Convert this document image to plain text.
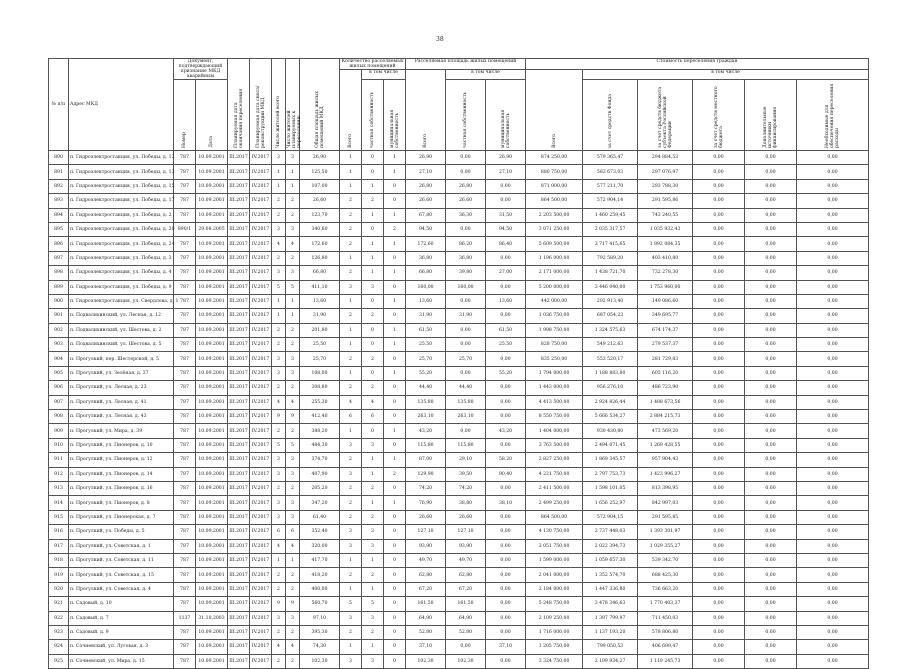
38
№ п/п	Адрес МКД	Документ, подтверждающий признание МКД аварийным		Планируемая дата окончания переселения	Планируемая дата сноса/ реконструкции МКД	Число жителей всего	Число жителей планируемых к переселению	Общая площадь жилых помещений МКД	Количество расселяемых жилых помещений			Расселяемая площадь жилых помещений			Стоимость переселения граждан					
									Всего	в том числе		Всего	в том числе		Всего	в том числе				
		Номер	Дата							частная собственность	муниципальная собственность		частная собственность	муниципальная собственность		за счет средств Фонда	за счет средств бюджета субъекта Российской Федерации	за счет средств местного бюджета	Дополнительные источники финансирования	Необходимые для обеспечения переселения расходы
890	п. Гидроэлектростанция, ул. Победы, д. 12	787	10.09.2001	III.2017	IV.2017	3	3	26,90	1	0	1	26,90	0,00	26,90	874 250,00	579 365,47	294 884,53	0,00	0,00	0,00
891	п. Гидроэлектростанция, ул. Победы, д. 13	787	10.09.2001	III.2017	IV.2017	1	1	125,50	1	0	1	27,10	0,00	27,10	880 750,00	583 673,03	297 076,97	0,00	0,00	0,00
892	п. Гидроэлектростанция, ул. Победы, д. 15	787	10.09.2001	III.2017	IV.2017	1	1	107,00	1	1	0	26,80	26,80	0,00	871 000,00	577 211,70	293 788,30	0,00	0,00	0,00
893	п. Гидроэлектростанция, ул. Победы, д. 17	787	10.09.2001	III.2017	IV.2017	2	2	26,60	2	2	0	26,60	26,60	0,00	864 500,00	572 904,14	291 595,86	0,00	0,00	0,00
894	п. Гидроэлектростанция, ул. Победы, д. 2	787	10.09.2001	III.2017	IV.2017	2	2	123,70	2	1	1	67,80	36,30	31,50	2 203 500,00	1 460 259,45	743 240,55	0,00	0,00	0,00
895	п. Гидроэлектростанция, ул. Победы, д. 20	890/1	29.08.2005	III.2017	IV.2017	3	3	340,60	2	0	2	94,50	0,00	94,50	3 071 250,00	2 035 317,57	1 035 932,43	0,00	0,00	0,00
896	п. Гидроэлектростанция, ул. Победы, д. 24	787	10.09.2001	III.2017	IV.2017	4	4	172,60	2	1	1	172,60	86,20	86,40	5 609 500,00	3 717 415,65	1 892 084,35	0,00	0,00	0,00
897	п. Гидроэлектростанция, ул. Победы, д. 3	787	10.09.2001	III.2017	IV.2017	2	2	126,80	1	1	0	36,80	36,80	0,00	1 196 000,00	792 589,20	403 410,80	0,00	0,00	0,00
898	п. Гидроэлектростанция, ул. Победы, д. 4	787	10.09.2001	III.2017	IV.2017	3	3	66,80	2	1	1	66,80	39,80	27,00	2 171 000,00	1 438 721,70	732 278,30	0,00	0,00	0,00
899	п. Гидроэлектростанция, ул. Победы, д. 9	787	10.09.2001	III.2017	IV.2017	5	5	411,10	3	3	0	160,00	160,00	0,00	5 200 000,00	3 446 040,00	1 753 960,00	0,00	0,00	0,00
900	п. Гидроэлектростанция, ул. Свердлова, д. 1	787	10.09.2001	III.2017	IV.2017	1	1	13,60	1	0	1	13,60	0,00	13,60	442 000,00	292 913,40	149 086,60	0,00	0,00	0,00
901	п. Подвалихинский, ул. Лесная, д. 12	787	10.09.2001	III.2017	IV.2017	1	1	31,90	2	2	0	31,90	31,90	0,00	1 036 750,00	687 054,23	349 695,77	0,00	0,00	0,00
902	п. Подвалихинский, ул. Шестова, д. 2	787	10.09.2001	III.2017	IV.2017	2	2	201,80	1	0	1	61,50	0,00	61,50	1 998 750,00	1 324 575,63	674 174,37	0,00	0,00	0,00
903	п. Подвалихинский, ул. Шестова, д. 5	787	10.09.2001	III.2017	IV.2017	2	2	25,50	1	0	1	25,50	0,00	25,50	828 750,00	549 212,63	279 537,37	0,00	0,00	0,00
904	п. Прогулкий, пер. Шестерской, д. 5	787	10.09.2001	III.2017	IV.2017	3	3	25,70	2	2	0	25,70	25,70	0,00	835 250,00	553 520,17	281 729,83	0,00	0,00	0,00
905	п. Прогулкий, ул. Зелёная, д. 37	787	10.09.2001	III.2017	IV.2017	3	3	108,00	1	0	1	55,20	0,00	55,20	1 794 000,00	1 188 883,80	605 116,20	0,00	0,00	0,00
906	п. Прогулкий, ул. Лесная, д. 23	787	10.09.2001	III.2017	IV.2017	2	2	308,80	2	2	0	44,40	44,40	0,00	1 443 000,00	956 276,10	486 723,90	0,00	0,00	0,00
907	п. Прогулкий, ул. Лесная, д. 41	787	10.09.2001	III.2017	IV.2017	4	4	255,30	4	4	0	135,80	135,80	0,00	4 413 500,00	2 924 826,44	1 488 673,56	0,00	0,00	0,00
908	п. Прогулкий, ул. Лесная, д. 43	787	10.09.2001	III.2017	IV.2017	9	9	412,40	6	6	0	263,10	263,10	0,00	8 550 750,00	5 666 534,27	2 884 215,73	0,00	0,00	0,00
909	п. Прогулкий, ул. Мира, д. 39	787	10.09.2001	III.2017	IV.2017	2	2	388,20	1	0	1	43,20	0,00	43,20	1 404 000,00	930 430,80	473 569,20	0,00	0,00	0,00
910	п. Прогулкий, ул. Пионеров, д. 10	787	10.09.2001	III.2017	IV.2017	5	5	484,30	3	3	0	115,80	115,80	0,00	3 763 500,00	2 494 071,45	1 269 428,55	0,00	0,00	0,00
911	п. Прогулкий, ул. Пионеров, д. 12	787	10.09.2001	III.2017	IV.2017	3	3	374,70	2	1	1	87,00	29,10	58,20	2 827 250,00	1 869 345,57	957 904,43	0,00	0,00	0,00
912	п. Прогулкий, ул. Пионеров, д. 14	787	10.09.2001	III.2017	IV.2017	3	3	407,90	3	1	2	129,90	39,50	90,40	4 221 750,00	2 797 753,73	1 423 996,27	0,00	0,00	0,00
913	п. Прогулкий, ул. Пионеров, д. 16	787	10.09.2001	III.2017	IV.2017	2	2	205,20	2	2	0	74,20	74,20	0,00	2 411 500,00	1 598 101,05	813 398,95	0,00	0,00	0,00
914	п. Прогулкий, ул. Пионеров, д. 8	787	10.09.2001	III.2017	IV.2017	3	3	347,20	2	1	1	76,90	38,80	38,10	2 499 250,00	1 656 252,97	842 997,03	0,00	0,00	0,00
915	п. Прогулкий, ул. Пионерская, д. 7	787	10.09.2001	III.2017	IV.2017	3	3	61,40	2	2	0	26,60	26,60	0,00	864 500,00	572 904,15	291 595,85	0,00	0,00	0,00
916	п. Прогулкий, ул. Победы, д. 5	787	10.09.2001	III.2017	IV.2017	6	6	352,40	3	3	0	127,10	127,10	0,00	4 130 750,00	2 737 448,03	1 393 301,97	0,00	0,00	0,00
917	п. Прогулкий, ул. Советская, д. 1	787	10.09.2001	III.2017	IV.2017	4	4	320,00	3	3	0	93,90	93,90	0,00	3 051 750,00	2 022 394,73	1 029 355,27	0,00	0,00	0,00
918	п. Прогулкий, ул. Советская, д. 11	787	10.09.2001	III.2017	IV.2017	1	1	417,70	1	1	0	49,70	49,70	0,00	1 599 000,00	1 059 657,30	539 342,70	0,00	0,00	0,00
919	п. Прогулкий, ул. Советская, д. 15	787	10.09.2001	III.2017	IV.2017	2	2	418,20	2	2	0	62,80	62,80	0,00	2 041 000,00	1 352 574,70	688 425,30	0,00	0,00	0,00
920	п. Прогулкий, ул. Советская, д. 4	787	10.09.2001	III.2017	IV.2017	2	2	400,00	1	1	0	67,20	67,20	0,00	2 184 000,00	1 447 336,80	736 663,20	0,00	0,00	0,00
921	п. Садовый, д. 10	787	10.09.2001	III.2017	IV.2017	9	9	560,70	5	5	0	161,50	161,50	0,00	5 248 750,00	3 478 346,63	1 770 403,37	0,00	0,00	0,00
922	п. Садовый, д. 7	1137	31.10.2003	III.2017	IV.2017	3	3	97,10	3	3	0	64,90	64,90	0,00	2 109 250,00	1 397 799,97	711 450,03	0,00	0,00	0,00
923	п. Садовый, д. 9	787	10.09.2001	III.2017	IV.2017	2	2	395,30	2	2	0	52,80	52,80	0,00	1 716 000,00	1 137 193,20	578 806,80	0,00	0,00	0,00
924	п. Сочневский, ул. Луговая, д. 3	787	10.09.2001	III.2017	IV.2017	4	4	74,30	1	1	0	37,10	0,00	37,10	1 205 750,00	799 050,53	406 699,47	0,00	0,00	0,00
925	п. Сочневский, ул. Мира, д. 15	787	10.09.2001	III.2017	IV.2017	2	2	102,30	3	3	0	102,30	102,30	0,00	3 324 750,00	2 199 934,27	1 119 245,73	0,00	0,00	0,00
